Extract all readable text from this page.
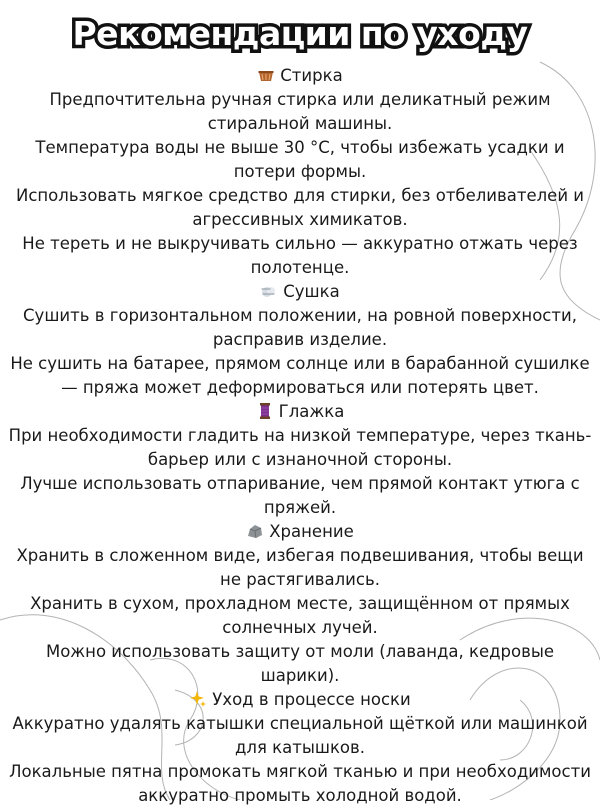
Рекомендации по уходу
Стирка
Предпочтительна ручная стирка или деликатный режим стиральной машины.
Температура воды не выше 30 °C, чтобы избежать усадки и потери формы.
Использовать мягкое средство для стирки, без отбеливателей и агрессивных химикатов.
Не тереть и не выкручивать сильно — аккуратно отжать через полотенце.
Сушка
Сушить в горизонтальном положении, на ровной поверхности, расправив изделие.
Не сушить на батарее, прямом солнце или в барабанной сушилке — пряжа может деформироваться или потерять цвет.
Глажка
При необходимости гладить на низкой температуре, через ткань-барьер или с изнаночной стороны.
Лучше использовать отпаривание, чем прямой контакт утюга с пряжей.
Хранение
Хранить в сложенном виде, избегая подвешивания, чтобы вещи не растягивались.
Хранить в сухом, прохладном месте, защищённом от прямых солнечных лучей.
Можно использовать защиту от моли (лаванда, кедровые шарики).
Уход в процессе носки
Аккуратно удалять катышки специальной щёткой или машинкой для катышков.
Локальные пятна промокать мягкой тканью и при необходимости аккуратно промыть холодной водой.
